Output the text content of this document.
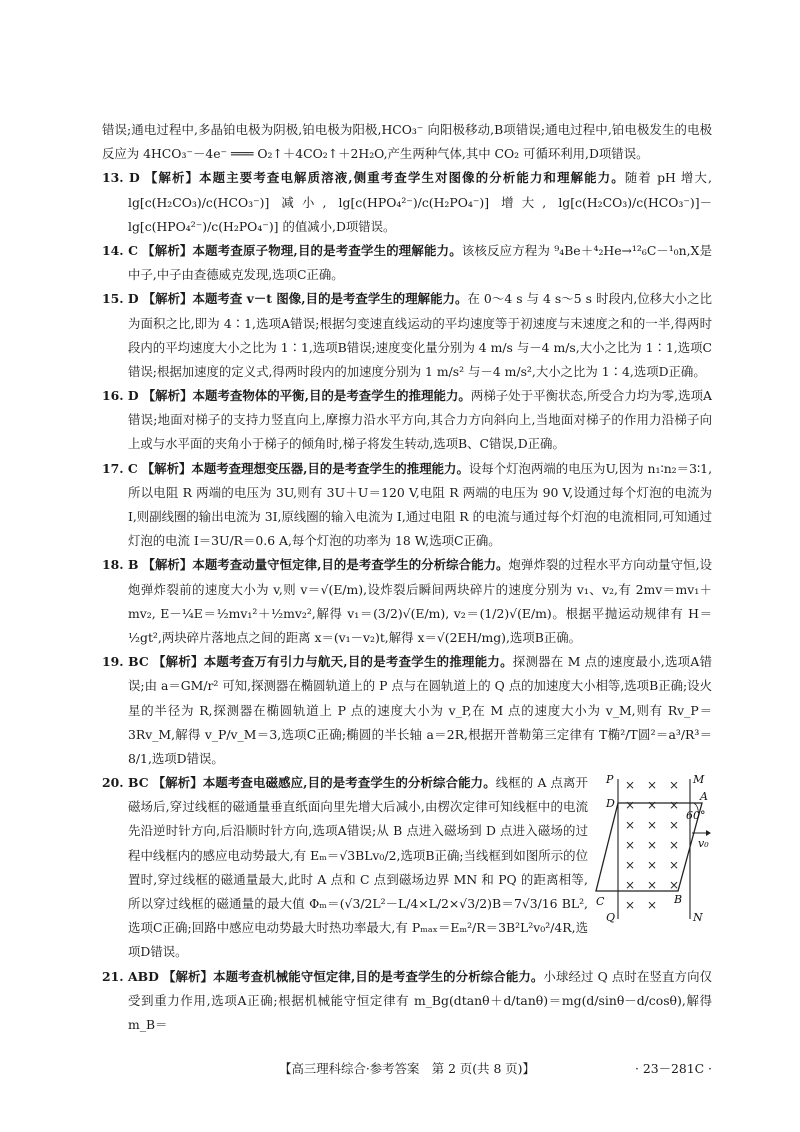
错误;通电过程中,多晶铂电极为阴极,铂电极为阳极,HCO₃⁻ 向阳极移动,B项错误;通电过程中,铂电极发生的电极反应为 4HCO₃⁻－4e⁻ ═══ O₂↑＋4CO₂↑＋2H₂O,产生两种气体,其中 CO₂ 可循环利用,D项错误。

13. D 【解析】本题主要考查电解质溶液,侧重考查学生对图像的分析能力和理解能力。随着 pH 增大, lg[c(H₂CO₃)/c(HCO₃⁻)] 减小, lg[c(HPO₄²⁻)/c(H₂PO₄⁻)] 增大, lg[c(H₂CO₃)/c(HCO₃⁻)]－lg[c(HPO₄²⁻)/c(H₂PO₄⁻)] 的值减小,D项错误。

14. C 【解析】本题考查原子物理,目的是考查学生的理解能力。该核反应方程为 ⁹₄Be＋⁴₂He→¹²₆C－¹₀n,X是中子,中子由查德威克发现,选项C正确。

15. D 【解析】本题考查 v－t 图像,目的是考查学生的理解能力。在 0～4 s 与 4 s～5 s 时段内,位移大小之比为面积之比,即为 4∶1,选项A错误;根据匀变速直线运动的平均速度等于初速度与末速度之和的一半,得两时段内的平均速度大小之比为 1∶1,选项B错误;速度变化量分别为 4 m/s 与－4 m/s,大小之比为 1∶1,选项C错误;根据加速度的定义式,得两时段内的加速度分别为 1 m/s² 与－4 m/s²,大小之比为 1∶4,选项D正确。

16. D 【解析】本题考查物体的平衡,目的是考查学生的推理能力。两梯子处于平衡状态,所受合力均为零,选项A错误;地面对梯子的支持力竖直向上,摩擦力沿水平方向,其合力方向斜向上,当地面对梯子的作用力沿梯子向上或与水平面的夹角小于梯子的倾角时,梯子将发生转动,选项B、C错误,D正确。

17. C 【解析】本题考查理想变压器,目的是考查学生的推理能力。设每个灯泡两端的电压为U,因为 n₁∶n₂＝3∶1,所以电阻 R 两端的电压为 3U,则有 3U＋U＝120 V,电阻 R 两端的电压为 90 V,设通过每个灯泡的电流为 I,则副线圈的输出电流为 3I,原线圈的输入电流为 I,通过电阻 R 的电流与通过每个灯泡的电流相同,可知通过灯泡的电流 I＝3U/R＝0.6 A,每个灯泡的功率为 18 W,选项C正确。

18. B 【解析】本题考查动量守恒定律,目的是考查学生的分析综合能力。炮弹炸裂的过程水平方向动量守恒,设炮弹炸裂前的速度大小为 v,则 v＝√(E/m),设炸裂后瞬间两块碎片的速度分别为 v₁、v₂,有 2mv＝mv₁＋mv₂, E－¼E＝½mv₁²＋½mv₂²,解得 v₁＝(3/2)√(E/m), v₂＝(1/2)√(E/m)。根据平抛运动规律有 H＝½gt²,两块碎片落地点之间的距离 x＝(v₁－v₂)t,解得 x＝√(2EH/mg),选项B正确。

19. BC 【解析】本题考查万有引力与航天,目的是考查学生的推理能力。探测器在 M 点的速度最小,选项A错误;由 a＝GM/r² 可知,探测器在椭圆轨道上的 P 点与在圆轨道上的 Q 点的加速度大小相等,选项B正确;设火星的半径为 R,探测器在椭圆轨道上 P 点的速度大小为 v_P,在 M 点的速度大小为 v_M,则有 Rv_P＝3Rv_M,解得 v_P/v_M＝3,选项C正确;椭圆的半长轴 a＝2R,根据开普勒第三定律有 T椭²/T圆²＝a³/R³＝8/1,选项D错误。

× × ×
× × ×
× × ×
× × ×
× × ×
× × ×
× ×
P	M
D
A
60°
v₀
C	B
Q	N
20. BC 【解析】本题考查电磁感应,目的是考查学生的分析综合能力。线框的 A 点离开磁场后,穿过线框的磁通量垂直纸面向里先增大后减小,由楞次定律可知线框中的电流先沿逆时针方向,后沿顺时针方向,选项A错误;从 B 点进入磁场到 D 点进入磁场的过程中线框内的感应电动势最大,有 Eₘ＝√3BLv₀/2,选项B正确;当线框到如图所示的位置时,穿过线框的磁通量最大,此时 A 点和 C 点到磁场边界 MN 和 PQ 的距离相等,所以穿过线框的磁通量的最大值 Φₘ＝(√3/2L²－L/4×L/2×√3/2)B＝7√3/16 BL²,选项C正确;回路中感应电动势最大时热功率最大,有 Pₘₐₓ＝Eₘ²/R＝3B²L²v₀²/4R,选项D错误。

21. ABD 【解析】本题考查机械能守恒定律,目的是考查学生的分析综合能力。小球经过 Q 点时在竖直方向仅受到重力作用,选项A正确;根据机械能守恒定律有 m_Bg(dtanθ＋d/tanθ)＝mg(d/sinθ－d/cosθ),解得 m_B＝

【高三理科综合·参考答案　第 2 页(共 8 页)】	· 23－281C ·
